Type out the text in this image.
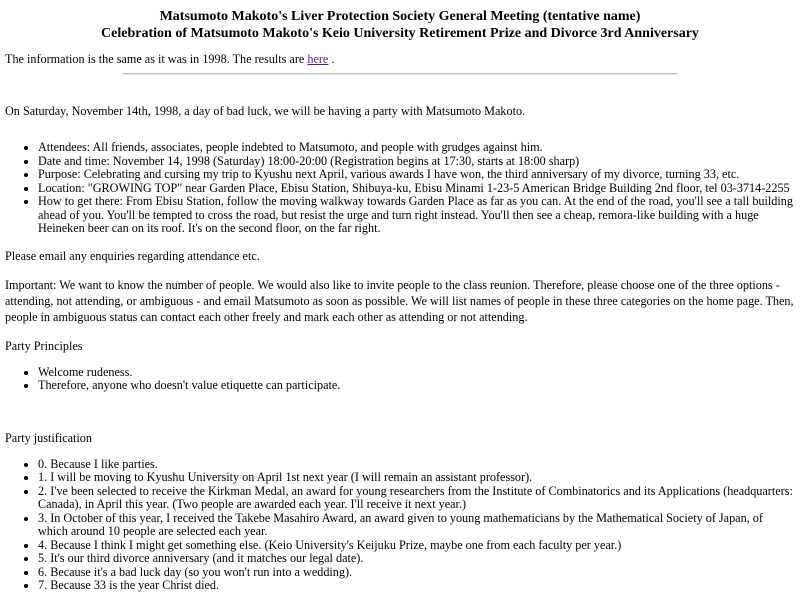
Matsumoto Makoto's Liver Protection Society General Meeting (tentative name)
Celebration of Matsumoto Makoto's Keio University Retirement Prize and Divorce 3rd Anniversary

The information is the same as it was in 1998. The results are here .

On Saturday, November 14th, 1998, a day of bad luck, we will be having a party with Matsumoto Makoto.

• Attendees: All friends, associates, people indebted to Matsumoto, and people with grudges against him.
• Date and time: November 14, 1998 (Saturday) 18:00-20:00 (Registration begins at 17:30, starts at 18:00 sharp)
• Purpose: Celebrating and cursing my trip to Kyushu next April, various awards I have won, the third anniversary of my divorce, turning 33, etc.
• Location: "GROWING TOP" near Garden Place, Ebisu Station, Shibuya-ku, Ebisu Minami 1-23-5 American Bridge Building 2nd floor, tel 03-3714-2255
• How to get there: From Ebisu Station, follow the moving walkway towards Garden Place as far as you can. At the end of the road, you'll see a tall building ahead of you. You'll be tempted to cross the road, but resist the urge and turn right instead. You'll then see a cheap, remora-like building with a huge Heineken beer can on its roof. It's on the second floor, on the far right.

Please email any enquiries regarding attendance etc.

Important: We want to know the number of people. We would also like to invite people to the class reunion. Therefore, please choose one of the three options - attending, not attending, or ambiguous - and email Matsumoto as soon as possible. We will list names of people in these three categories on the home page. Then, people in ambiguous status can contact each other freely and mark each other as attending or not attending.

Party Principles

• Welcome rudeness.
• Therefore, anyone who doesn't value etiquette can participate.

Party justification

• 0. Because I like parties.
• 1. I will be moving to Kyushu University on April 1st next year (I will remain an assistant professor).
• 2. I've been selected to receive the Kirkman Medal, an award for young researchers from the Institute of Combinatorics and its Applications (headquarters: Canada), in April this year. (Two people are awarded each year. I'll receive it next year.)
• 3. In October of this year, I received the Takebe Masahiro Award, an award given to young mathematicians by the Mathematical Society of Japan, of which around 10 people are selected each year.
• 4. Because I think I might get something else. (Keio University's Keijuku Prize, maybe one from each faculty per year.)
• 5. It's our third divorce anniversary (and it matches our legal date).
• 6. Because it's a bad luck day (so you won't run into a wedding).
• 7. Because 33 is the year Christ died.
